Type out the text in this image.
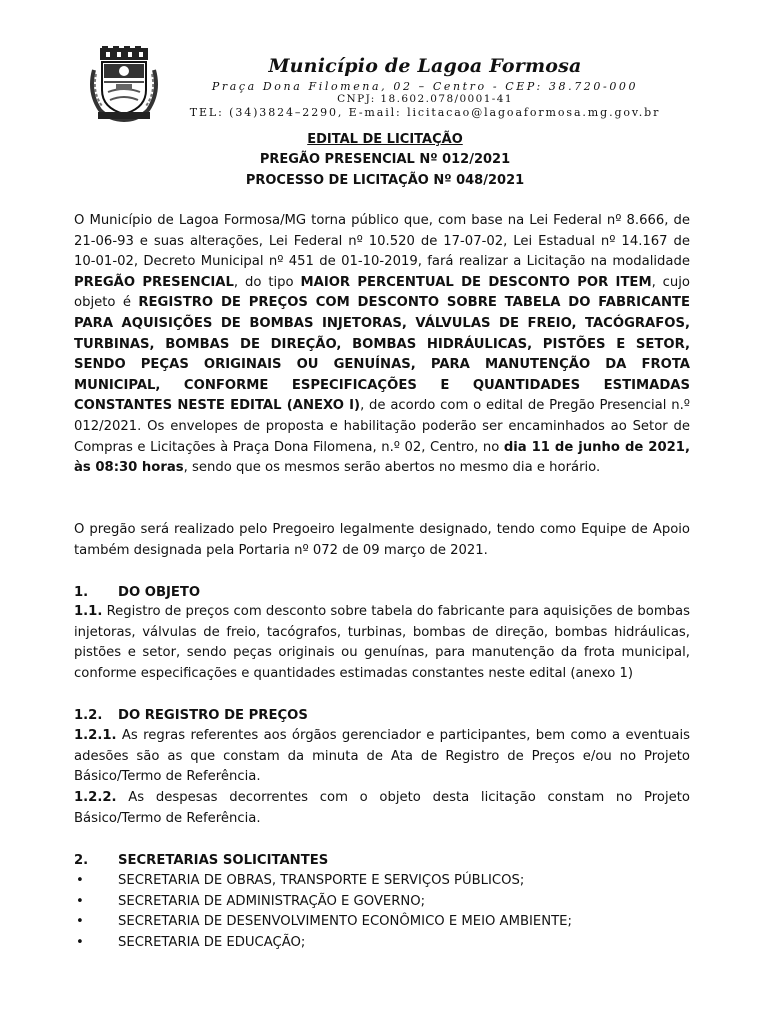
Município de Lagoa Formosa
Praça Dona Filomena, 02 – Centro - CEP: 38.720-000
CNPJ: 18.602.078/0001-41
TEL: (34)3824–2290, E-mail: licitacao@lagoaformosa.mg.gov.br
EDITAL DE LICITAÇÃO
PREGÃO PRESENCIAL Nº 012/2021
PROCESSO DE LICITAÇÃO Nº 048/2021
O Município de Lagoa Formosa/MG torna público que, com base na Lei Federal nº 8.666, de 21-06-93 e suas alterações, Lei Federal nº 10.520 de 17-07-02, Lei Estadual nº 14.167 de 10-01-02, Decreto Municipal nº 451 de 01-10-2019, fará realizar a Licitação na modalidade PREGÃO PRESENCIAL, do tipo MAIOR PERCENTUAL DE DESCONTO POR ITEM, cujo objeto é REGISTRO DE PREÇOS COM DESCONTO SOBRE TABELA DO FABRICANTE PARA AQUISIÇÕES DE BOMBAS INJETORAS, VÁLVULAS DE FREIO, TACÓGRAFOS, TURBINAS, BOMBAS DE DIREÇÃO, BOMBAS HIDRÁULICAS, PISTÕES E SETOR, SENDO PEÇAS ORIGINAIS OU GENUÍNAS, PARA MANUTENÇÃO DA FROTA MUNICIPAL, CONFORME ESPECIFICAÇÕES E QUANTIDADES ESTIMADAS CONSTANTES NESTE EDITAL (ANEXO I), de acordo com o edital de Pregão Presencial n.º 012/2021. Os envelopes de proposta e habilitação poderão ser encaminhados ao Setor de Compras e Licitações à Praça Dona Filomena, n.º 02, Centro, no dia 11 de junho de 2021, às 08:30 horas, sendo que os mesmos serão abertos no mesmo dia e horário.
O pregão será realizado pelo Pregoeiro legalmente designado, tendo como Equipe de Apoio também designada pela Portaria nº 072 de 09 março de 2021.
1. DO OBJETO
1.1. Registro de preços com desconto sobre tabela do fabricante para aquisições de bombas injetoras, válvulas de freio, tacógrafos, turbinas, bombas de direção, bombas hidráulicas, pistões e setor, sendo peças originais ou genuínas, para manutenção da frota municipal, conforme especificações e quantidades estimadas constantes neste edital (anexo 1)
1.2. DO REGISTRO DE PREÇOS
1.2.1. As regras referentes aos órgãos gerenciador e participantes, bem como a eventuais adesões são as que constam da minuta de Ata de Registro de Preços e/ou no Projeto Básico/Termo de Referência.
1.2.2. As despesas decorrentes com o objeto desta licitação constam no Projeto Básico/Termo de Referência.
2. SECRETARIAS SOLICITANTES
•	SECRETARIA DE OBRAS, TRANSPORTE E SERVIÇOS PÚBLICOS;
•	SECRETARIA DE ADMINISTRAÇÃO E GOVERNO;
•	SECRETARIA DE DESENVOLVIMENTO ECONÔMICO E MEIO AMBIENTE;
•	SECRETARIA DE EDUCAÇÃO;
